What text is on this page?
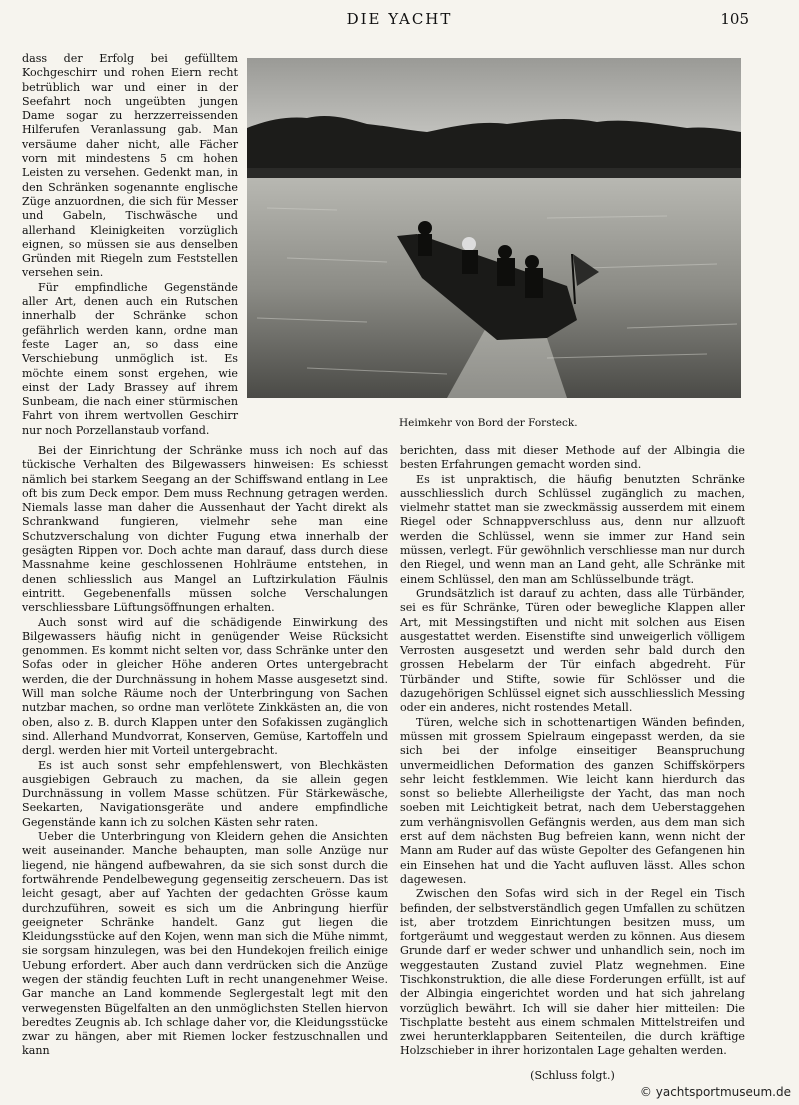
DIE YACHT	105

dass der Erfolg bei gefülltem Kochgeschirr und rohen Eiern recht betrüblich war und einer in der Seefahrt noch ungeübten jungen Dame sogar zu herzzerreissenden Hilferufen Veranlassung gab. Man versäume daher nicht, alle Fächer vorn mit mindestens 5 cm hohen Leisten zu versehen. Gedenkt man, in den Schränken sogenannte englische Züge anzuordnen, die sich für Messer und Gabeln, Tischwäsche und allerhand Kleinigkeiten vorzüglich eignen, so müssen sie aus denselben Gründen mit Riegeln zum Feststellen versehen sein.

Für empfindliche Gegenstände aller Art, denen auch ein Rutschen innerhalb der Schränke schon gefährlich werden kann, ordne man feste Lager an, so dass eine Verschiebung unmöglich ist. Es möchte einem sonst ergehen, wie einst der Lady Brassey auf ihrem Sunbeam, die nach einer stürmischen Fahrt von ihrem wertvollen Geschirr nur noch Porzellanstaub vorfand.

Heimkehr von Bord der Forsteck.

Bei der Einrichtung der Schränke muss ich noch auf das tückische Verhalten des Bilgewassers hinweisen: Es schiesst nämlich bei starkem Seegang an der Schiffswand entlang in Lee oft bis zum Deck empor. Dem muss Rechnung getragen werden. Niemals lasse man daher die Aussenhaut der Yacht direkt als Schrankwand fungieren, vielmehr sehe man eine Schutzverschalung von dichter Fugung etwa innerhalb der gesägten Rippen vor. Doch achte man darauf, dass durch diese Massnahme keine geschlossenen Hohlräume entstehen, in denen schliesslich aus Mangel an Luftzirkulation Fäulnis eintritt. Gegebenenfalls müssen solche Verschalungen verschliessbare Lüftungsöffnungen erhalten.

Auch sonst wird auf die schädigende Einwirkung des Bilgewassers häufig nicht in genügender Weise Rücksicht genommen. Es kommt nicht selten vor, dass Schränke unter den Sofas oder in gleicher Höhe anderen Ortes untergebracht werden, die der Durchnässung in hohem Masse ausgesetzt sind. Will man solche Räume noch der Unterbringung von Sachen nutzbar machen, so ordne man verlötete Zinkkästen an, die von oben, also z. B. durch Klappen unter den Sofakissen zugänglich sind. Allerhand Mundvorrat, Konserven, Gemüse, Kartoffeln und dergl. werden hier mit Vorteil untergebracht.

Es ist auch sonst sehr empfehlenswert, von Blechkästen ausgiebigen Gebrauch zu machen, da sie allein gegen Durchnässung in vollem Masse schützen. Für Stärkewäsche, Seekarten, Navigationsgeräte und andere empfindliche Gegenstände kann ich zu solchen Kästen sehr raten.

Ueber die Unterbringung von Kleidern gehen die Ansichten weit auseinander. Manche behaupten, man solle Anzüge nur liegend, nie hängend aufbewahren, da sie sich sonst durch die fortwährende Pendelbewegung gegenseitig zerscheuern. Das ist leicht gesagt, aber auf Yachten der gedachten Grösse kaum durchzuführen, soweit es sich um die Anbringung hierfür geeigneter Schränke handelt. Ganz gut liegen die Kleidungsstücke auf den Kojen, wenn man sich die Mühe nimmt, sie sorgsam hinzulegen, was bei den Hundekojen freilich einige Uebung erfordert. Aber auch dann verdrücken sich die Anzüge wegen der ständig feuchten Luft in recht unangenehmer Weise. Gar manche an Land kommende Seglergestalt legt mit den verwegensten Bügelfalten an den unmöglichsten Stellen hiervon beredtes Zeugnis ab. Ich schlage daher vor, die Kleidungsstücke zwar zu hängen, aber mit Riemen locker festzuschnallen und kann

berichten, dass mit dieser Methode auf der Albingia die besten Erfahrungen gemacht worden sind.

Es ist unpraktisch, die häufig benutzten Schränke ausschliesslich durch Schlüssel zugänglich zu machen, vielmehr stattet man sie zweckmässig ausserdem mit einem Riegel oder Schnappverschluss aus, denn nur allzuoft werden die Schlüssel, wenn sie immer zur Hand sein müssen, verlegt. Für gewöhnlich verschliesse man nur durch den Riegel, und wenn man an Land geht, alle Schränke mit einem Schlüssel, den man am Schlüsselbunde trägt.

Grundsätzlich ist darauf zu achten, dass alle Türbänder, sei es für Schränke, Türen oder bewegliche Klappen aller Art, mit Messingstiften und nicht mit solchen aus Eisen ausgestattet werden. Eisenstifte sind unweigerlich völligem Verrosten ausgesetzt und werden sehr bald durch den grossen Hebelarm der Tür einfach abgedreht. Für Türbänder und Stifte, sowie für Schlösser und die dazugehörigen Schlüssel eignet sich ausschliesslich Messing oder ein anderes, nicht rostendes Metall.

Türen, welche sich in schottenartigen Wänden befinden, müssen mit grossem Spielraum eingepasst werden, da sie sich bei der infolge einseitiger Beanspruchung unvermeidlichen Deformation des ganzen Schiffskörpers sehr leicht festklemmen. Wie leicht kann hierdurch das sonst so beliebte Allerheiligste der Yacht, das man noch soeben mit Leichtigkeit betrat, nach dem Ueberstaggehen zum verhängnisvollen Gefängnis werden, aus dem man sich erst auf dem nächsten Bug befreien kann, wenn nicht der Mann am Ruder auf das wüste Gepolter des Gefangenen hin ein Einsehen hat und die Yacht aufluven lässt. Alles schon dagewesen.

Zwischen den Sofas wird sich in der Regel ein Tisch befinden, der selbstverständlich gegen Umfallen zu schützen ist, aber trotzdem Einrichtungen besitzen muss, um fortgeräumt und weggestaut werden zu können. Aus diesem Grunde darf er weder schwer und unhandlich sein, noch im weggestauten Zustand zuviel Platz wegnehmen. Eine Tischkonstruktion, die alle diese Forderungen erfüllt, ist auf der Albingia eingerichtet worden und hat sich jahrelang vorzüglich bewährt. Ich will sie daher hier mitteilen: Die Tischplatte besteht aus einem schmalen Mittelstreifen und zwei herunterklappbaren Seitenteilen, die durch kräftige Holzschieber in ihrer horizontalen Lage gehalten werden.

(Schluss folgt.)

© yachtsportmuseum.de
